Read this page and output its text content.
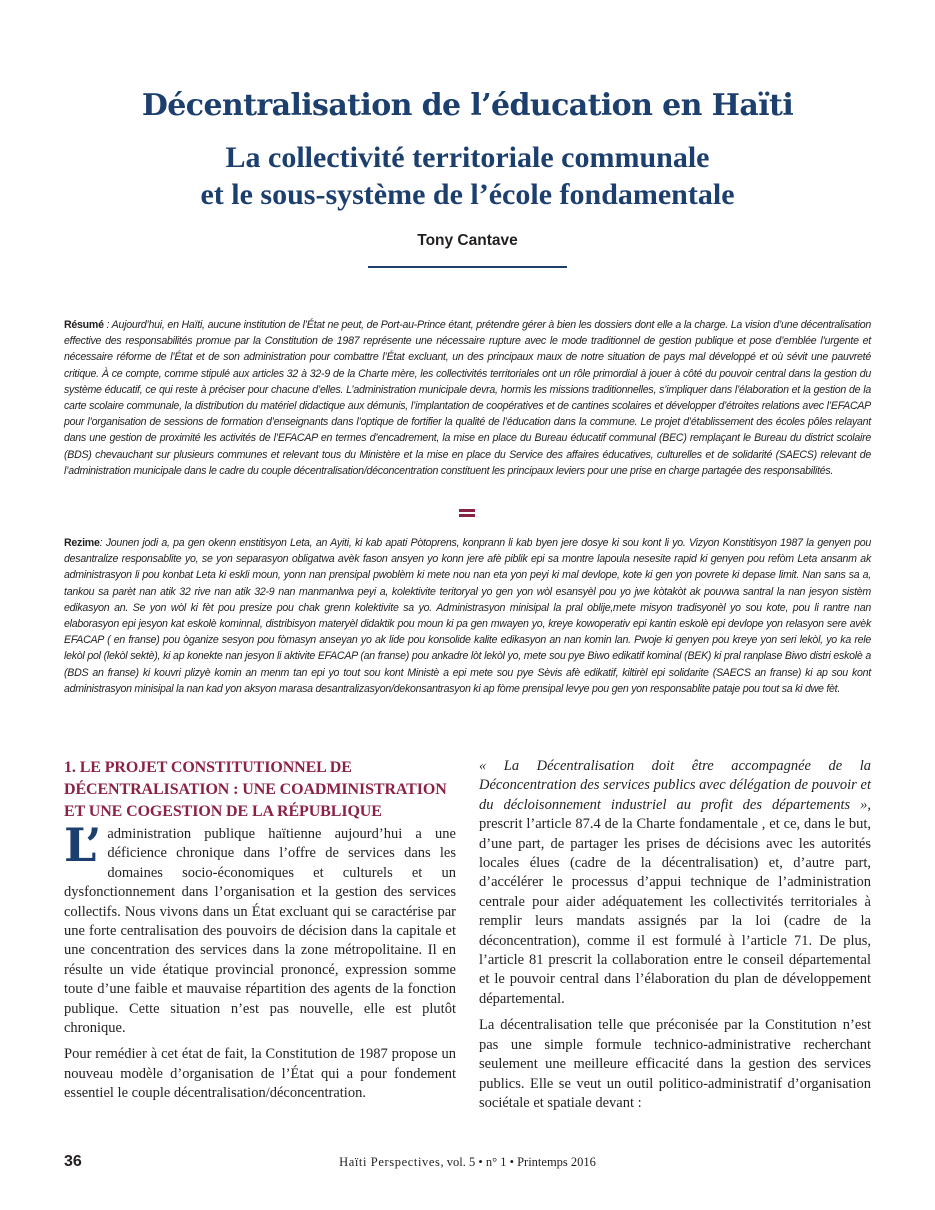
Décentralisation de l’éducation en Haïti
La collectivité territoriale communale
et le sous-système de l’école fondamentale

Tony Cantave

Résumé : Aujourd’hui, en Haïti, aucune institution de l’État ne peut, de Port-au-Prince étant, prétendre gérer à bien les dossiers dont elle a la charge. La vision d’une décentralisation effective des responsabilités promue par la Constitution de 1987 représente une nécessaire rupture avec le mode traditionnel de gestion publique et pose d’emblée l’urgente et nécessaire réforme de l’État et de son administration pour combattre l’État excluant, un des principaux maux de notre situation de pays mal développé et où sévit une pauvreté critique. À ce compte, comme stipulé aux articles 32 à 32-9 de la Charte mère, les collectivités territoriales ont un rôle primordial à jouer à côté du pouvoir central dans la gestion du système éducatif, ce qui reste à préciser pour chacune d’elles. L’administration municipale devra, hormis les missions traditionnelles, s’impliquer dans l’élaboration et la gestion de la carte scolaire communale, la distribution du matériel didactique aux démunis, l’implantation de coopératives et de cantines scolaires et développer d’étroites relations avec l’EFACAP pour l’organisation de sessions de formation d’enseignants dans l’optique de fortifier la qualité de l’éducation dans la commune. Le projet d’établissement des écoles pôles relayant dans une gestion de proximité les activités de l’EFACAP en termes d’encadrement, la mise en place du Bureau éducatif communal (BEC) remplaçant le Bureau du district scolaire (BDS) chevauchant sur plusieurs communes et relevant tous du Ministère et la mise en place du Service des affaires éducatives, culturelles et de solidarité (SAECS) relevant de l’administration municipale dans le cadre du couple décentralisation/déconcentration constituent les principaux leviers pour une prise en charge partagée des responsabilités.

Rezime: Jounen jodi a, pa gen okenn enstitisyon Leta, an Ayiti, ki kab apati Pòtoprens, konprann li kab byen jere dosye ki sou kont li yo. Vizyon Konstitisyon 1987 la genyen pou desantralize responsablite yo, se yon separasyon obligatwa avèk fason ansyen yo konn jere afè piblik epi sa montre lapoula nesesite rapid ki genyen pou refòm Leta ansanm ak administrasyon li pou konbat Leta ki eskli moun, yonn nan prensipal pwoblèm ki mete nou nan eta yon peyi ki mal devlope, kote ki gen yon povrete ki depase limit. Nan sans sa a, tankou sa parèt nan atik 32 rive nan atik 32-9 nan manmanlwa peyi a, kolektivite teritoryal yo gen yon wòl esansyèl pou yo jwe kòtakòt ak pouvwa santral la nan jesyon sistèm edikasyon an. Se yon wòl ki fèt pou presize pou chak grenn kolektivite sa yo. Administrasyon minisipal la pral oblije,mete misyon tradisyonèl yo sou kote, pou li rantre nan elaborasyon epi jesyon kat eskolè kominnal, distribisyon materyèl didaktik pou moun ki pa gen mwayen yo, kreye kowoperativ epi kantin eskolè epi devlope yon relasyon sere avèk EFACAP ( en franse) pou òganize sesyon pou fòmasyn anseyan yo ak lide pou konsolide kalite edikasyon an nan komin lan. Pwoje ki genyen pou kreye yon seri lekòl, yo ka rele lekòl pol (lekòl sektè), ki ap konekte nan jesyon li aktivite EFACAP (an franse) pou ankadre lòt lekòl yo, mete sou pye Biwo edikatif kominal (BEK) ki pral ranplase Biwo distri eskolè a (BDS an franse) ki kouvri plizyè komin an menm tan epi yo tout sou kont Ministè a epi mete sou pye Sèvis afè edikatif, kiltirèl epi solidarite (SAECS an franse) ki ap sou kont administrasyon minisipal la nan kad yon aksyon marasa desantralizasyon/dekonsantrasyon ki ap fòme prensipal levye pou gen yon responsablite pataje pou tout sa ki dwe fèt.

1. LE PROJET CONSTITUTIONNEL DE DÉCENTRALISATION : UNE COADMINISTRATION ET UNE COGESTION DE LA RÉPUBLIQUE

L’ administration publique haïtienne aujourd’hui a une déficience chronique dans l’offre de services dans les domaines socio-économiques et culturels et un dysfonctionnement dans l’organisation et la gestion des services collectifs. Nous vivons dans un État excluant qui se caractérise par une forte centralisation des pouvoirs de décision dans la capitale et une concentration des services dans la zone métropolitaine. Il en résulte un vide étatique provincial prononcé, expression somme toute d’une faible et mauvaise répartition des agents de la fonction publique. Cette situation n’est pas nouvelle, elle est plutôt chronique.

Pour remédier à cet état de fait, la Constitution de 1987 propose un nouveau modèle d’organisation de l’État qui a pour fondement essentiel le couple décentralisation/déconcentration.

« La Décentralisation doit être accompagnée de la Déconcentration des services publics avec délégation de pouvoir et du décloisonnement industriel au profit des départements », prescrit l’article 87.4 de la Charte fondamentale , et ce, dans le but, d’une part, de partager les prises de décisions avec les autorités locales élues (cadre de la décentralisation) et, d’autre part, d’accélérer le processus d’appui technique de l’administration centrale pour aider adéquatement les collectivités territoriales à remplir leurs mandats assignés par la loi (cadre de la déconcentration), comme il est formulé à l’article 71. De plus, l’article 81 prescrit la collaboration entre le conseil départemental et le pouvoir central dans l’élaboration du plan de développement départemental.

La décentralisation telle que préconisée par la Constitution n’est pas une simple formule technico-administrative recherchant seulement une meilleure efficacité dans la gestion des services publics. Elle se veut un outil politico-administratif d’organisation sociétale et spatiale devant :

36	Haïti Perspectives, vol. 5 • n° 1 • Printemps 2016
